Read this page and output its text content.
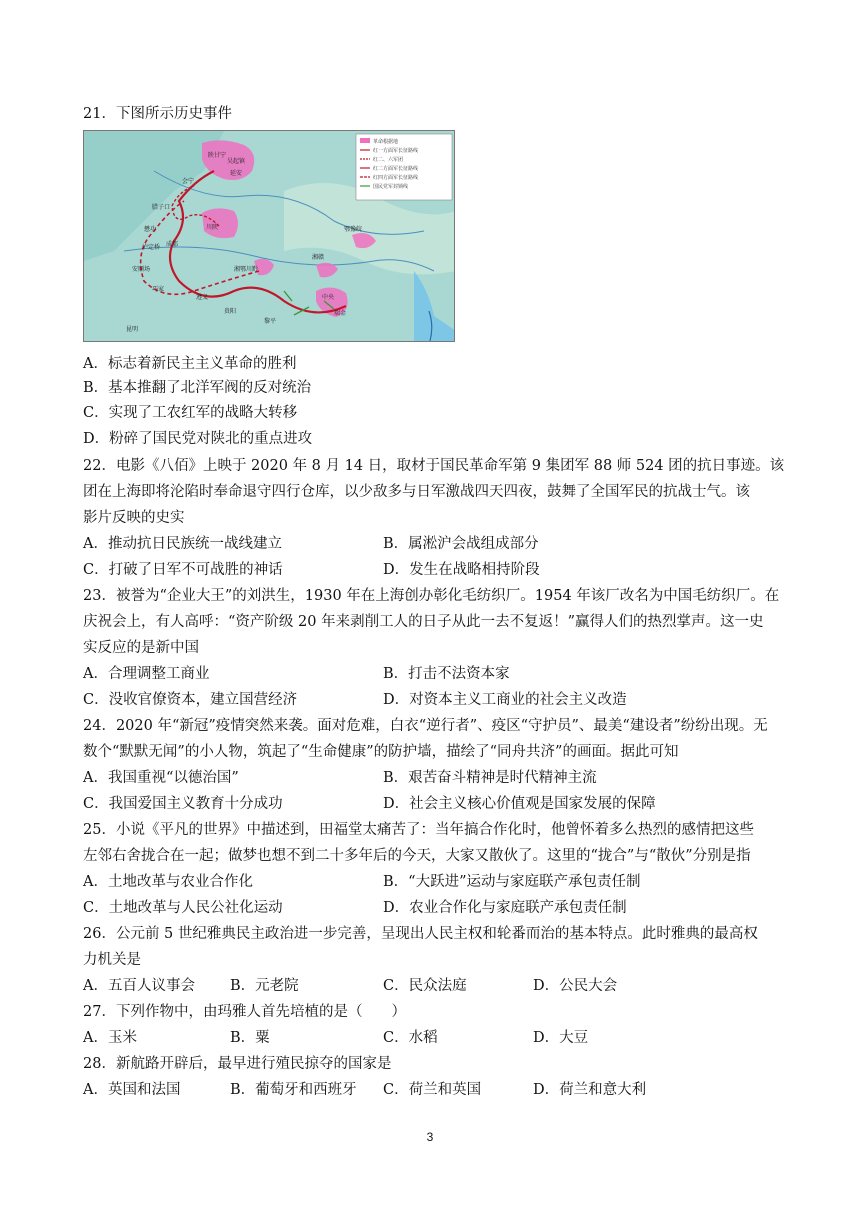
21．下图所示历史事件
革命根据地
红一方面军长征路线
红二、六军团
红二方面军长征路线
红四方面军长征路线
国民党军封锁线
陕甘宁
吴起镇
延安
会宁
腊子口
川陕
懋功
泸定桥 成都
遵义
湘鄂川黔
湘赣
中央
瑞金
黎平
贵阳
昆明
安顺场
巧家
鄂豫皖
A．标志着新民主主义革命的胜利
B．基本推翻了北洋军阀的反对统治
C．实现了工农红军的战略大转移
D．粉碎了国民党对陕北的重点进攻
22．电影《八佰》上映于 2020 年 8 月 14 日，取材于国民革命军第 9 集团军 88 师 524 团的抗日事迹。该
团在上海即将沦陷时奉命退守四行仓库，以少敌多与日军激战四天四夜，鼓舞了全国军民的抗战士气。该
影片反映的史实
A．推动抗日民族统一战线建立	B．属淞沪会战组成部分
C．打破了日军不可战胜的神话	D．发生在战略相持阶段
23．被誉为“企业大王”的刘洪生，1930 年在上海创办彰化毛纺织厂。1954 年该厂改名为中国毛纺织厂。在
庆祝会上，有人高呼：“资产阶级 20 年来剥削工人的日子从此一去不复返！”赢得人们的热烈掌声。这一史
实反应的是新中国
A．合理调整工商业	B．打击不法资本家
C．没收官僚资本，建立国营经济	D．对资本主义工商业的社会主义改造
24．2020 年“新冠”疫情突然来袭。面对危难，白衣“逆行者”、疫区“守护员”、最美“建设者”纷纷出现。无
数个“默默无闻”的小人物，筑起了“生命健康”的防护墙，描绘了“同舟共济”的画面。据此可知
A．我国重视“以德治国”	B．艰苦奋斗精神是时代精神主流
C．我国爱国主义教育十分成功	D．社会主义核心价值观是国家发展的保障
25．小说《平凡的世界》中描述到，田福堂太痛苦了：当年搞合作化时，他曾怀着多么热烈的感情把这些
左邻右舍拢合在一起；做梦也想不到二十多年后的今天，大家又散伙了。这里的“拢合”与“散伙”分别是指
A．土地改革与农业合作化	B．“大跃进”运动与家庭联产承包责任制
C．土地改革与人民公社化运动	D．农业合作化与家庭联产承包责任制
26．公元前 5 世纪雅典民主政治进一步完善，呈现出人民主权和轮番而治的基本特点。此时雅典的最高权
力机关是
A．五百人议事会 B．元老院	C．民众法庭	D．公民大会
27．下列作物中，由玛雅人首先培植的是（　　）
A．玉米	B．粟	C．水稻	D．大豆
28．新航路开辟后，最早进行殖民掠夺的国家是
A．英国和法国	B．葡萄牙和西班牙 C．荷兰和英国	D．荷兰和意大利
3
